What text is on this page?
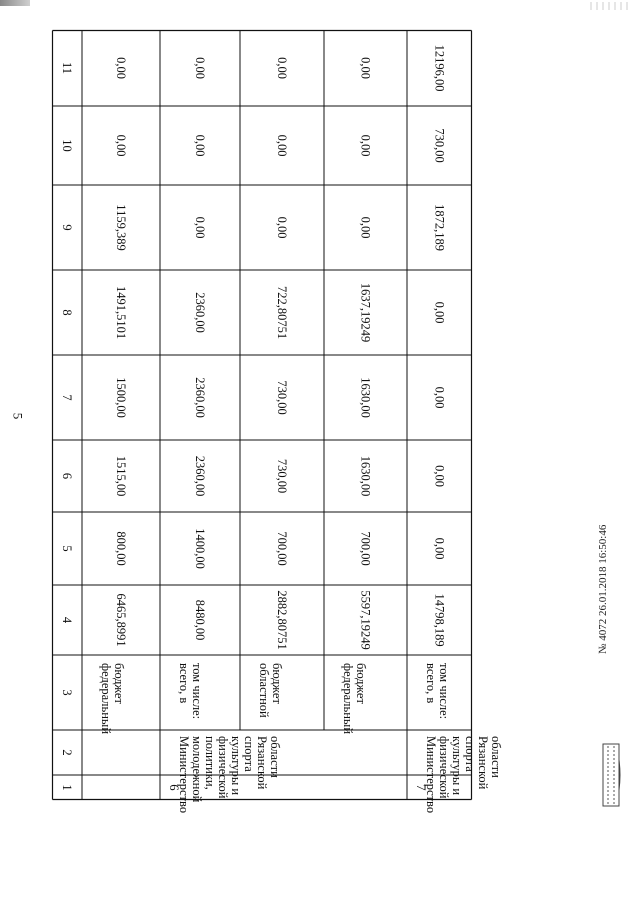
5
1
2
3
4
5
6
7
8
9
10
11
6465,8991
800,00
1515,00
1500,00
1491,5101
1159,389
0,00
0,00
федеральныйбюджет
8480,00
1400,00
2360,00
2360,00
2360,00
0,00
0,00
0,00
всего, втом числе:
2882,80751
700,00
730,00
730,00
722,80751
0,00
0,00
0,00
областнойбюджет
5597,19249
700,00
1630,00
1630,00
1637,19249
0,00
0,00
0,00
федеральныйбюджет
14798,189
0,00
0,00
0,00
0,00
1872,189
730,00
12196,00
всего, втом числе:
Министерствомолодежнойполитики,физическойкультуры испортаРязанскойобласти	Министерствофизическойкультуры испортаРязанскойобласти
6	7
№ 4072 26.01.2018 16:50:46
